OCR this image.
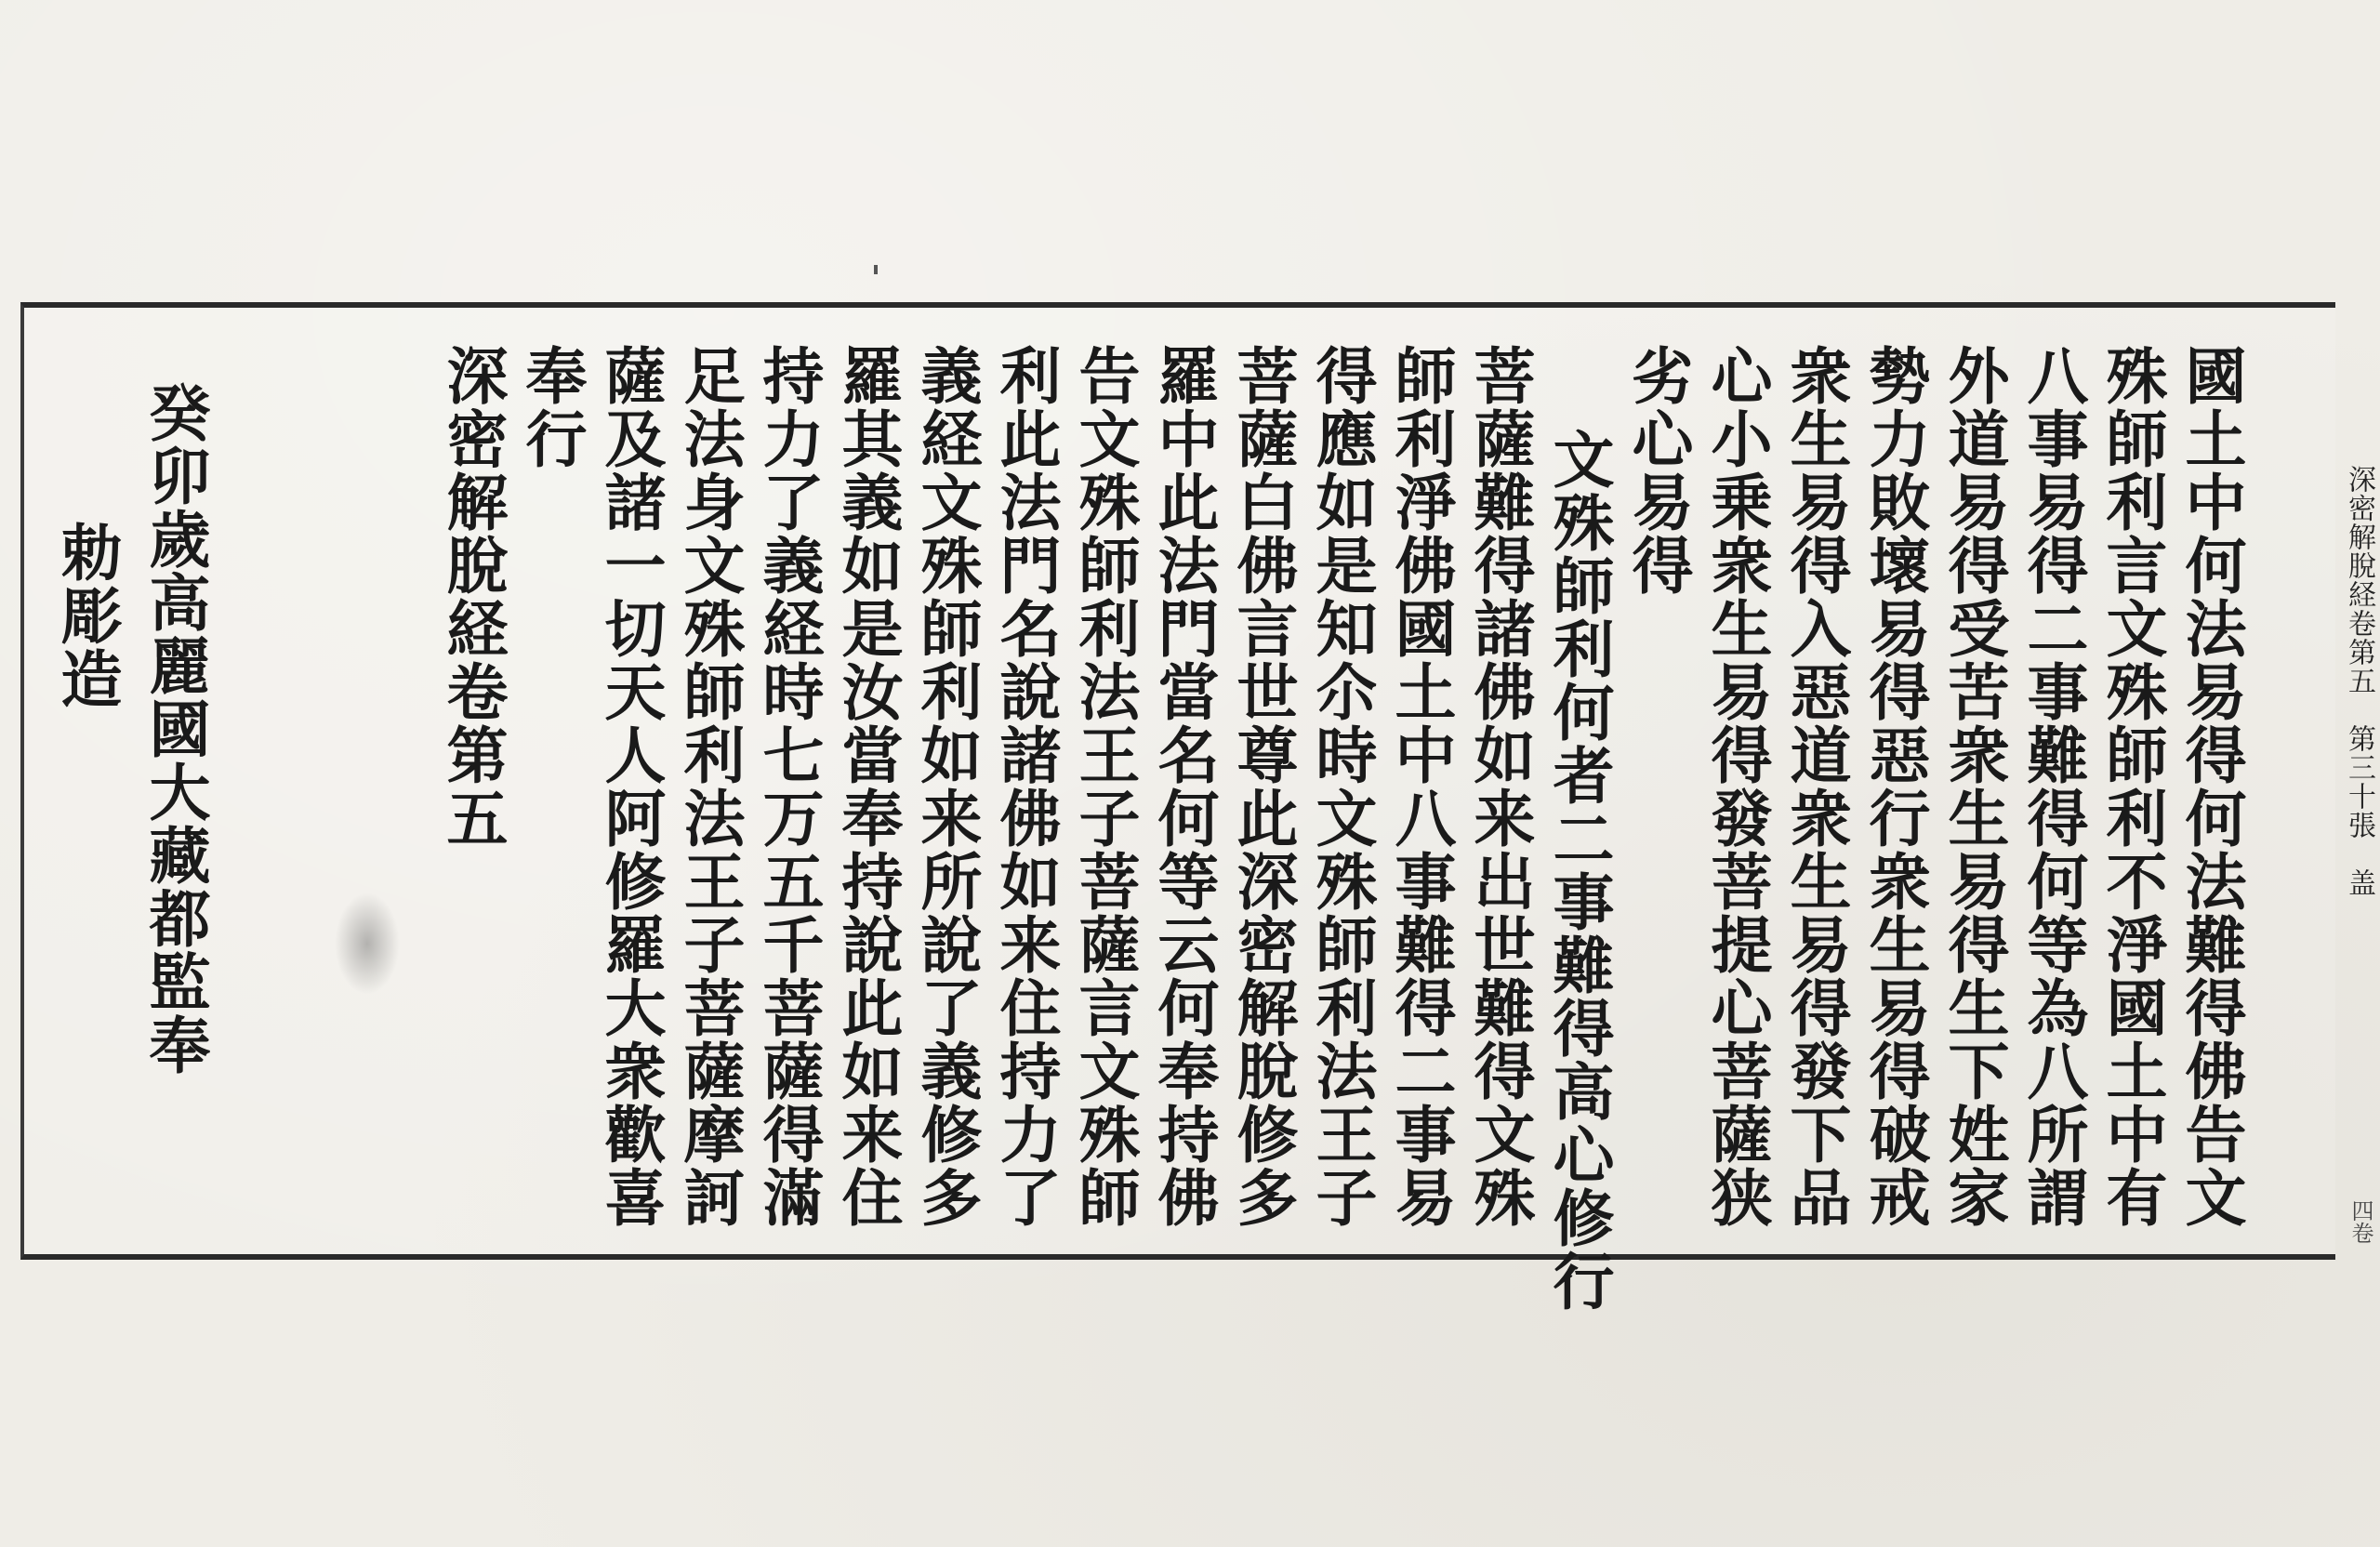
深密解脫経卷第五　第三十張　盖
四卷
國土中何法易得何法難得佛告文
殊師利言文殊師利不淨國土中有
八事易得二事難得何等為八所謂
外道易得受苦衆生易得生下姓家
勢力敗壞易得惡行衆生易得破戒
衆生易得入惡道衆生易得發下品
心小乗衆生易得發菩提心菩薩狭
劣心易得
文殊師利何者二事難得高心修行
菩薩難得諸佛如来出世難得文殊
師利淨佛國土中八事難得二事易
得應如是知尒時文殊師利法王子
菩薩白佛言世尊此深密解脫修多
羅中此法門當名何等云何奉持佛
告文殊師利法王子菩薩言文殊師
利此法門名說諸佛如来住持力了
義経文殊師利如来所說了義修多
羅其義如是汝當奉持說此如来住
持力了義経時七万五千菩薩得滿
足法身文殊師利法王子菩薩摩訶
薩及諸一切天人阿修羅大衆歡喜
奉行
深密解脫経卷第五
癸卯歲高麗國大藏都監奉
勅彫造
